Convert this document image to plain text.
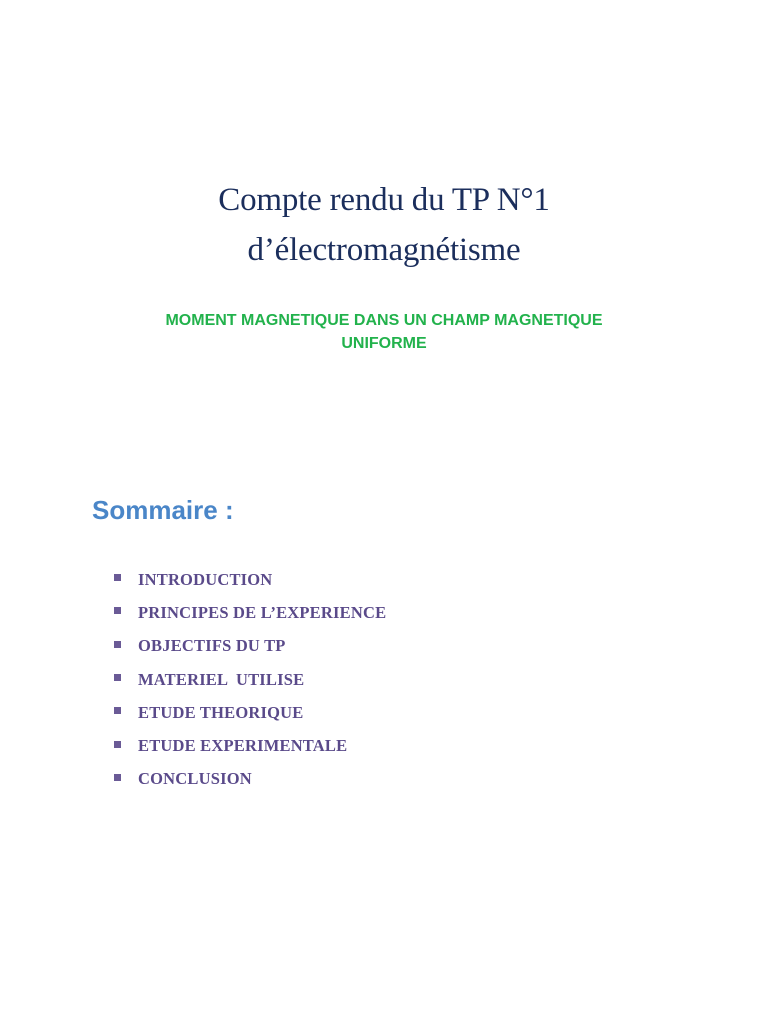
Compte rendu du TP N°1
d’électromagnétisme
MOMENT MAGNETIQUE DANS UN CHAMP MAGNETIQUE
UNIFORME
Sommaire :
INTRODUCTION
PRINCIPES DE L’EXPERIENCE
OBJECTIFS DU TP
MATERIEL  UTILISE
ETUDE THEORIQUE
ETUDE EXPERIMENTALE
CONCLUSION
